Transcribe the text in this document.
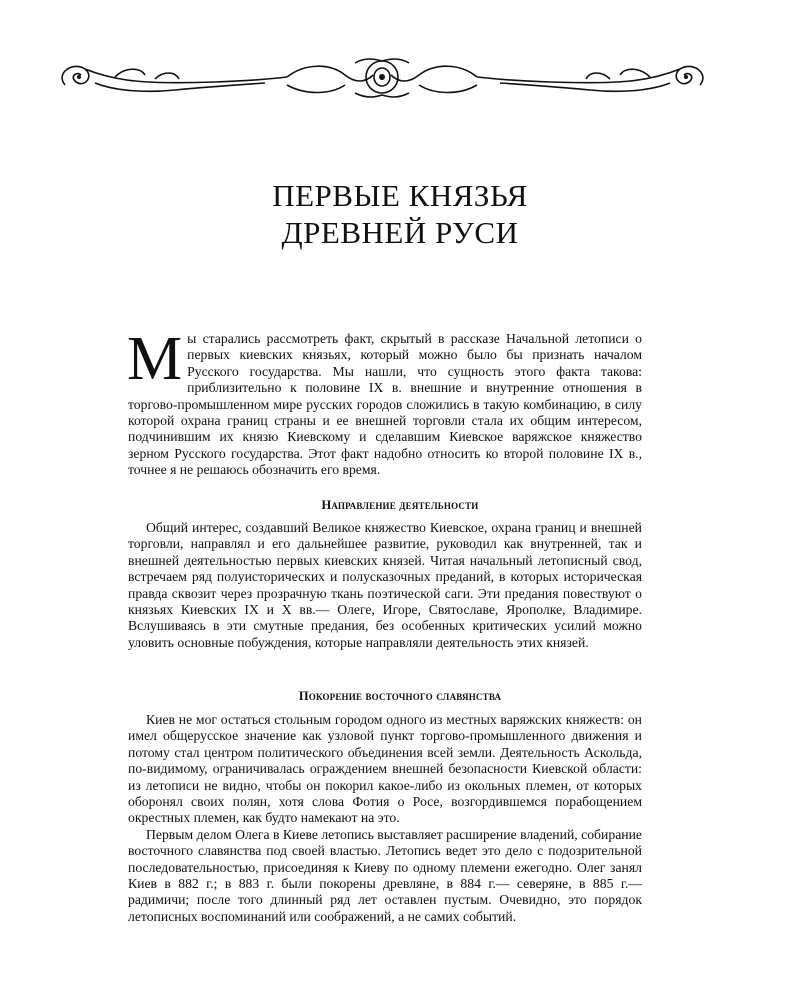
ПЕРВЫЕ КНЯЗЬЯ
ДРЕВНЕЙ РУСИ
Мы старались рассмотреть факт, скрытый в рассказе Начальной летописи о первых киевских князьях, который можно было бы признать началом Русского государства. Мы нашли, что сущность этого факта такова: приблизительно к половине IX в. внешние и внутренние отношения в торгово-промышленном мире русских городов сложились в такую комбинацию, в силу которой охрана границ страны и ее внешней торговли стала их общим интересом, подчинившим их князю Киевскому и сделавшим Киевское варяжское княжество зерном Русского государства. Этот факт надобно относить ко второй половине IX в., точнее я не решаюсь обозначить его время.
Направление деятельности

Общий интерес, создавший Великое княжество Киевское, охрана границ и внешней торговли, направлял и его дальнейшее развитие, руководил как внутренней, так и внешней деятельностью первых киевских князей. Читая начальный летописный свод, встречаем ряд полуисторических и полусказочных преданий, в которых историческая правда сквозит через прозрачную ткань поэтической саги. Эти предания повествуют о князьях Киевских IX и X вв.— Олеге, Игоре, Святославе, Ярополке, Владимире. Вслушиваясь в эти смутные предания, без особенных критических усилий можно уловить основные побуждения, которые направляли деятельность этих князей.

Покорение восточного славянства

Киев не мог остаться стольным городом одного из местных варяжских княжеств: он имел общерусское значение как узловой пункт торгово-промышленного движения и потому стал центром политического объединения всей земли. Деятельность Аскольда, по-видимому, ограничивалась ограждением внешней безопасности Киевской области: из летописи не видно, чтобы он покорил какое-либо из окольных племен, от которых оборонял своих полян, хотя слова Фотия о Росе, возгордившемся порабощением окрестных племен, как будто намекают на это.

Первым делом Олега в Киеве летопись выставляет расширение владений, собирание восточного славянства под своей властью. Летопись ведет это дело с подозрительной последовательностью, присоединяя к Киеву по одному племени ежегодно. Олег занял Киев в 882 г.; в 883 г. были покорены древляне, в 884 г.— северяне, в 885 г.— радимичи; после того длинный ряд лет оставлен пустым. Очевидно, это порядок летописных воспоминаний или соображений, а не самих событий.
